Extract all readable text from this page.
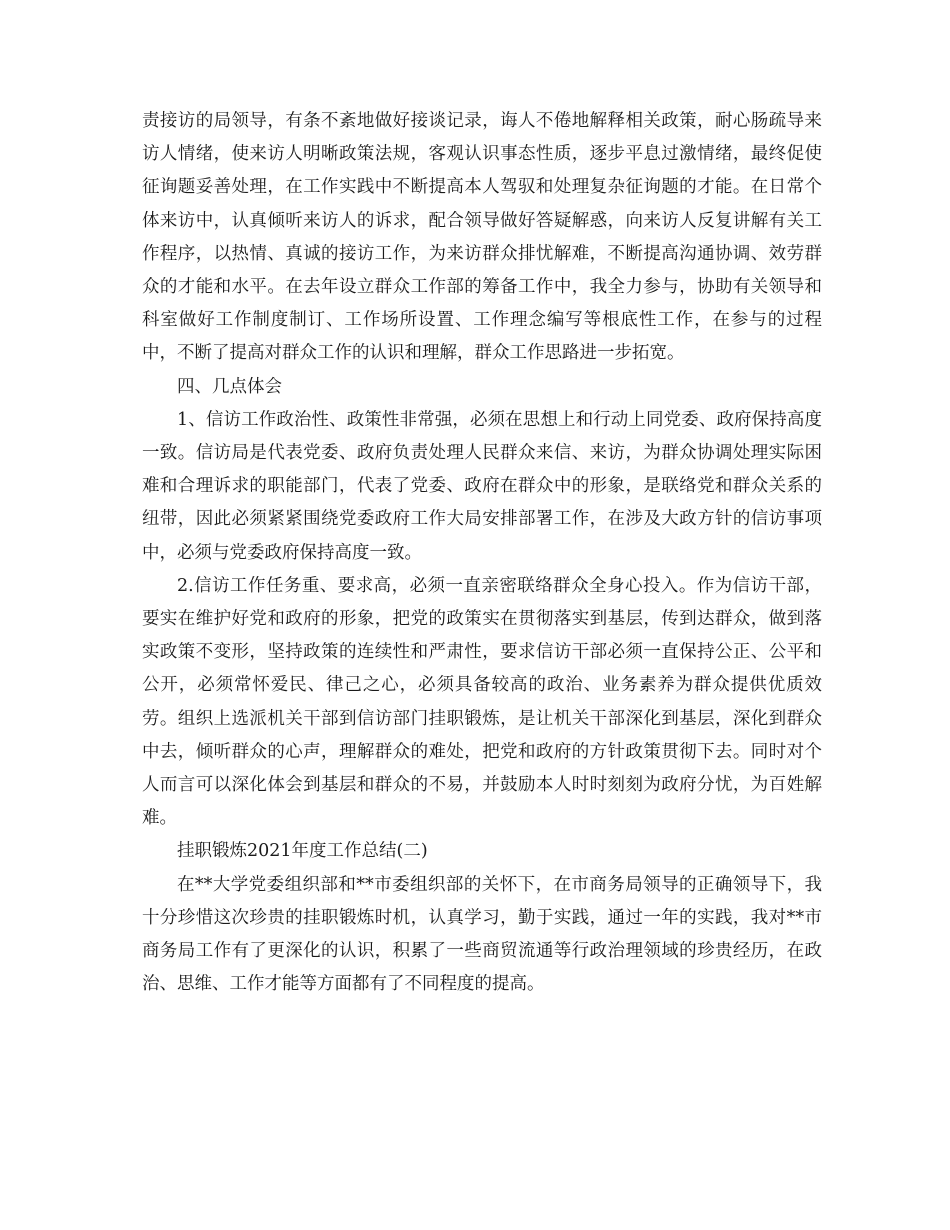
责接访的局领导，有条不紊地做好接谈记录，诲人不倦地解释相关政策，耐心肠疏导来访人情绪，使来访人明晰政策法规，客观认识事态性质，逐步平息过激情绪，最终促使征询题妥善处理，在工作实践中不断提高本人驾驭和处理复杂征询题的才能。在日常个体来访中，认真倾听来访人的诉求，配合领导做好答疑解惑，向来访人反复讲解有关工作程序，以热情、真诚的接访工作，为来访群众排忧解难，不断提高沟通协调、效劳群众的才能和水平。在去年设立群众工作部的筹备工作中，我全力参与，协助有关领导和科室做好工作制度制订、工作场所设置、工作理念编写等根底性工作，在参与的过程中，不断了提高对群众工作的认识和理解，群众工作思路进一步拓宽。

四、几点体会

1、信访工作政治性、政策性非常强，必须在思想上和行动上同党委、政府保持高度一致。信访局是代表党委、政府负责处理人民群众来信、来访，为群众协调处理实际困难和合理诉求的职能部门，代表了党委、政府在群众中的形象，是联络党和群众关系的纽带，因此必须紧紧围绕党委政府工作大局安排部署工作，在涉及大政方针的信访事项中，必须与党委政府保持高度一致。

2.信访工作任务重、要求高，必须一直亲密联络群众全身心投入。作为信访干部，要实在维护好党和政府的形象，把党的政策实在贯彻落实到基层，传到达群众，做到落实政策不变形，坚持政策的连续性和严肃性，要求信访干部必须一直保持公正、公平和公开，必须常怀爱民、律己之心，必须具备较高的政治、业务素养为群众提供优质效劳。组织上选派机关干部到信访部门挂职锻炼，是让机关干部深化到基层，深化到群众中去，倾听群众的心声，理解群众的难处，把党和政府的方针政策贯彻下去。同时对个人而言可以深化体会到基层和群众的不易，并鼓励本人时时刻刻为政府分忧，为百姓解难。

挂职锻炼2021年度工作总结(二)

在**大学党委组织部和**市委组织部的关怀下，在市商务局领导的正确领导下，我十分珍惜这次珍贵的挂职锻炼时机，认真学习，勤于实践，通过一年的实践，我对**市商务局工作有了更深化的认识，积累了一些商贸流通等行政治理领域的珍贵经历，在政治、思维、工作才能等方面都有了不同程度的提高。
